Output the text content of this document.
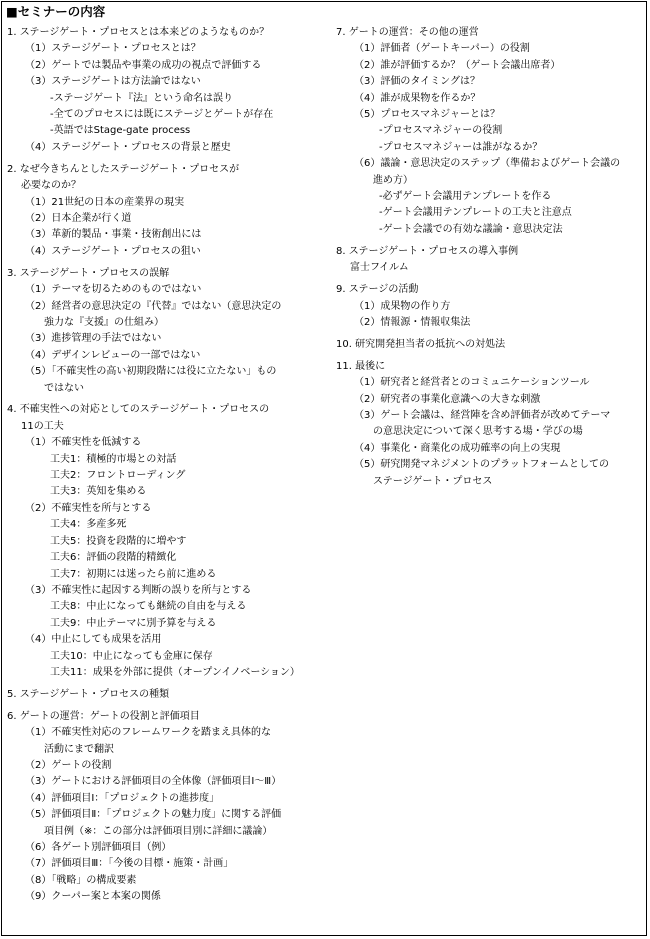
■セミナーの内容
1. ステージゲート・プロセスとは本来どのようなものか？
（1）ステージゲート・プロセスとは？
（2）ゲートでは製品や事業の成功の視点で評価する
（3）ステージゲートは方法論ではない
-ステージゲート『法』という命名は誤り
-全てのプロセスには既にステージとゲートが存在
-英語ではStage-gate process
（4）ステージゲート・プロセスの背景と歴史
2. なぜ今きちんとしたステージゲート・プロセスが
必要なのか？
（1）21世紀の日本の産業界の現実
（2）日本企業が行く道
（3）革新的製品・事業・技術創出には
（4）ステージゲート・プロセスの狙い
3. ステージゲート・プロセスの誤解
（1）テーマを切るためのものではない
（2）経営者の意思決定の『代替』ではない（意思決定の
強力な『支援』の仕組み）
（3）進捗管理の手法ではない
（4）デザインレビューの一部ではない
（5）「不確実性の高い初期段階には役に立たない」もの
ではない
4. 不確実性への対応としてのステージゲート・プロセスの
11の工夫
（1）不確実性を低減する
工夫1：積極的市場との対話
工夫2：フロントローディング
工夫3：英知を集める
（2）不確実性を所与とする
工夫4：多産多死
工夫5：投資を段階的に増やす
工夫6：評価の段階的精緻化
工夫7：初期には迷ったら前に進める
（3）不確実性に起因する判断の誤りを所与とする
工夫8：中止になっても継続の自由を与える
工夫9：中止テーマに別予算を与える
（4）中止にしても成果を活用
工夫10：中止になっても金庫に保存
工夫11：成果を外部に提供（オープンイノベーション）
5. ステージゲート・プロセスの種類
6. ゲートの運営：ゲートの役割と評価項目
（1）不確実性対応のフレームワークを踏まえ具体的な
活動にまで翻訳
（2）ゲートの役割
（3）ゲートにおける評価項目の全体像（評価項目Ⅰ～Ⅲ）
（4）評価項目Ⅰ：「プロジェクトの進捗度」
（5）評価項目Ⅱ：「プロジェクトの魅力度」に関する評価
項目例（※：この部分は評価項目別に詳細に議論）
（6）各ゲート別評価項目（例）
（7）評価項目Ⅲ：「今後の目標・施策・計画」
（8）「戦略」の構成要素
（9）クーパー案と本案の関係
7. ゲートの運営：その他の運営
（1）評価者（ゲートキーパー）の役割
（2）誰が評価するか？（ゲート会議出席者）
（3）評価のタイミングは？
（4）誰が成果物を作るか？
（5）プロセスマネジャーとは？
-プロセスマネジャーの役割
-プロセスマネジャーは誰がなるか？
（6）議論・意思決定のステップ（準備およびゲート会議の
進め方）
-必ずゲート会議用テンプレートを作る
-ゲート会議用テンプレートの工夫と注意点
-ゲート会議での有効な議論・意思決定法
8. ステージゲート・プロセスの導入事例
富士フイルム
9. ステージの活動
（1）成果物の作り方
（2）情報源・情報収集法
10. 研究開発担当者の抵抗への対処法
11. 最後に
（1）研究者と経営者とのコミュニケーションツール
（2）研究者の事業化意識への大きな刺激
（3）ゲート会議は、経営陣を含め評価者が改めてテーマ
の意思決定について深く思考する場・学びの場
（4）事業化・商業化の成功確率の向上の実現
（5）研究開発マネジメントのプラットフォームとしての
ステージゲート・プロセス
